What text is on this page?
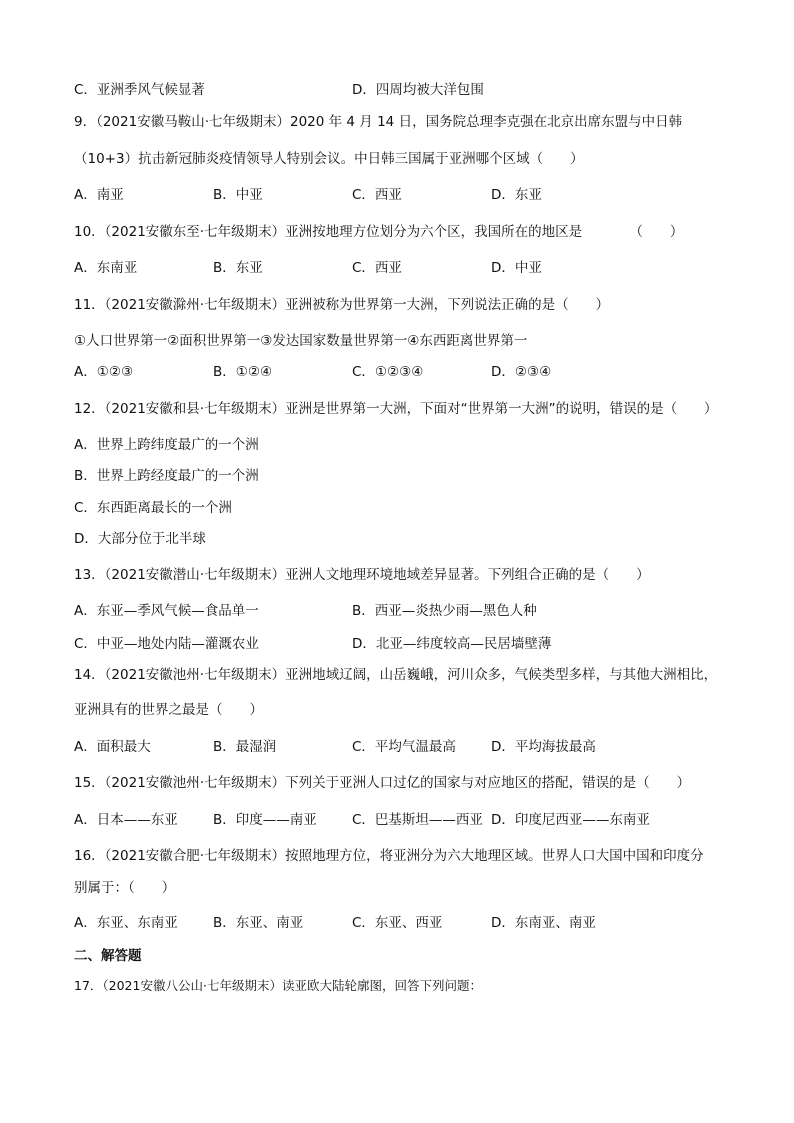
C．亚洲季风气候显著	D．四周均被大洋包围
9．（2021安徽马鞍山·七年级期末）2020 年 4 月 14 日，国务院总理李克强在北京出席东盟与中日韩
（10+3）抗击新冠肺炎疫情领导人特别会议。中日韩三国属于亚洲哪个区域（　　）
A．南亚	B．中亚	C．西亚	D．东亚
10．（2021安徽东至·七年级期末）亚洲按地理方位划分为六个区，我国所在的地区是　　　　（　　）
A．东南亚	B．东亚	C．西亚	D．中亚
11．（2021安徽滁州·七年级期末）亚洲被称为世界第一大洲，下列说法正确的是（　　）
①人口世界第一②面积世界第一③发达国家数量世界第一④东西距离世界第一
A．①②③	B．①②④	C．①②③④	D．②③④
12．（2021安徽和县·七年级期末）亚洲是世界第一大洲，下面对“世界第一大洲”的说明，错误的是（　　）
A．世界上跨纬度最广的一个洲
B．世界上跨经度最广的一个洲
C．东西距离最长的一个洲
D．大部分位于北半球
13．（2021安徽潜山·七年级期末）亚洲人文地理环境地域差异显著。下列组合正确的是（　　）
A．东亚—季风气候—食品单一	B．西亚—炎热少雨—黑色人种
C．中亚—地处内陆—灌溉农业	D．北亚—纬度较高—民居墙壁薄
14．（2021安徽池州·七年级期末）亚洲地域辽阔，山岳巍峨，河川众多，气候类型多样，与其他大洲相比，
亚洲具有的世界之最是（　　）
A．面积最大	B．最湿润	C．平均气温最高	D．平均海拔最高
15．（2021安徽池州·七年级期末）下列关于亚洲人口过亿的国家与对应地区的搭配，错误的是（　　）
A．日本——东亚	B．印度——南亚	C．巴基斯坦——西亚 D．印度尼西亚——东南亚
16．（2021安徽合肥·七年级期末）按照地理方位，将亚洲分为六大地理区域。世界人口大国中国和印度分
别属于：（　　）
A．东亚、东南亚	B．东亚、南亚	C．东亚、西亚	D．东南亚、南亚
二、解答题
17．（2021安徽八公山·七年级期末）读亚欧大陆轮廓图，回答下列问题：
